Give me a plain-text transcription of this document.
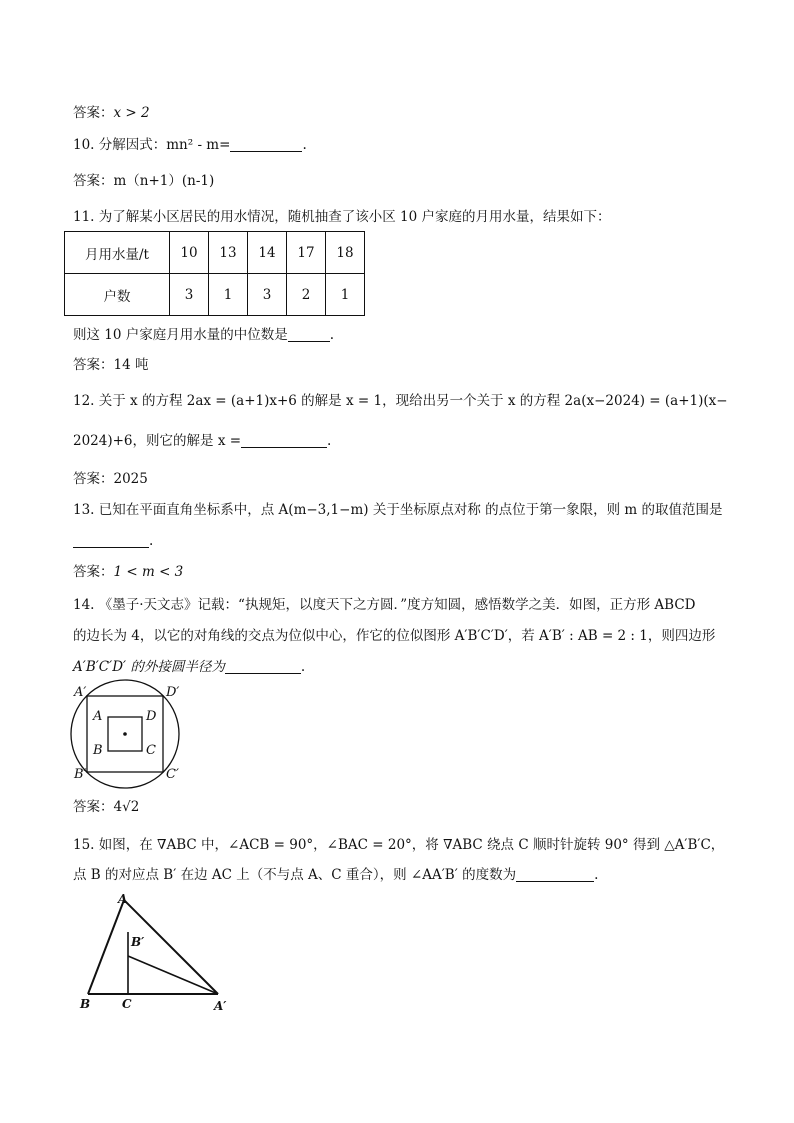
答案：x > 2
10. 分解因式：mn² - m=	.
答案：m（n+1）(n-1)
11. 为了解某小区居民的用水情况，随机抽查了该小区 10 户家庭的月用水量，结果如下：
月用水量/t	10	13	14	17	18
户数	3	1	3	2	1
则这 10 户家庭月用水量的中位数是	.
答案：14 吨
12. 关于 x 的方程 2ax = (a+1)x+6 的解是 x = 1，现给出另一个关于 x 的方程 2a(x−2024) = (a+1)(x−
2024)+6，则它的解是 x =	.
答案：2025
13. 已知在平面直角坐标系中，点 A(m−3,1−m) 关于坐标原点对称 的点位于第一象限，则 m 的取值范围是
.
答案：1 < m < 3
14. 《墨子·天文志》记载：“执规矩，以度天下之方圆．”度方知圆，感悟数学之美．如图，正方形 ABCD
的边长为 4，以它的对角线的交点为位似中心，作它的位似图形 A′B′C′D′，若 A′B′ : AB = 2 : 1，则四边形
A′B′C′D′ 的外接圆半径为	.
A′	D′
B′	C′
A	D
B	C
答案：4√2
15. 如图，在 ∇ABC 中，∠ACB = 90°，∠BAC = 20°，将 ∇ABC 绕点 C 顺时针旋转 90° 得到 △A′B′C，
点 B 的对应点 B′ 在边 AC 上（不与点 A、C 重合），则 ∠AA′B′ 的度数为	.
A
B′
B	C	A′
